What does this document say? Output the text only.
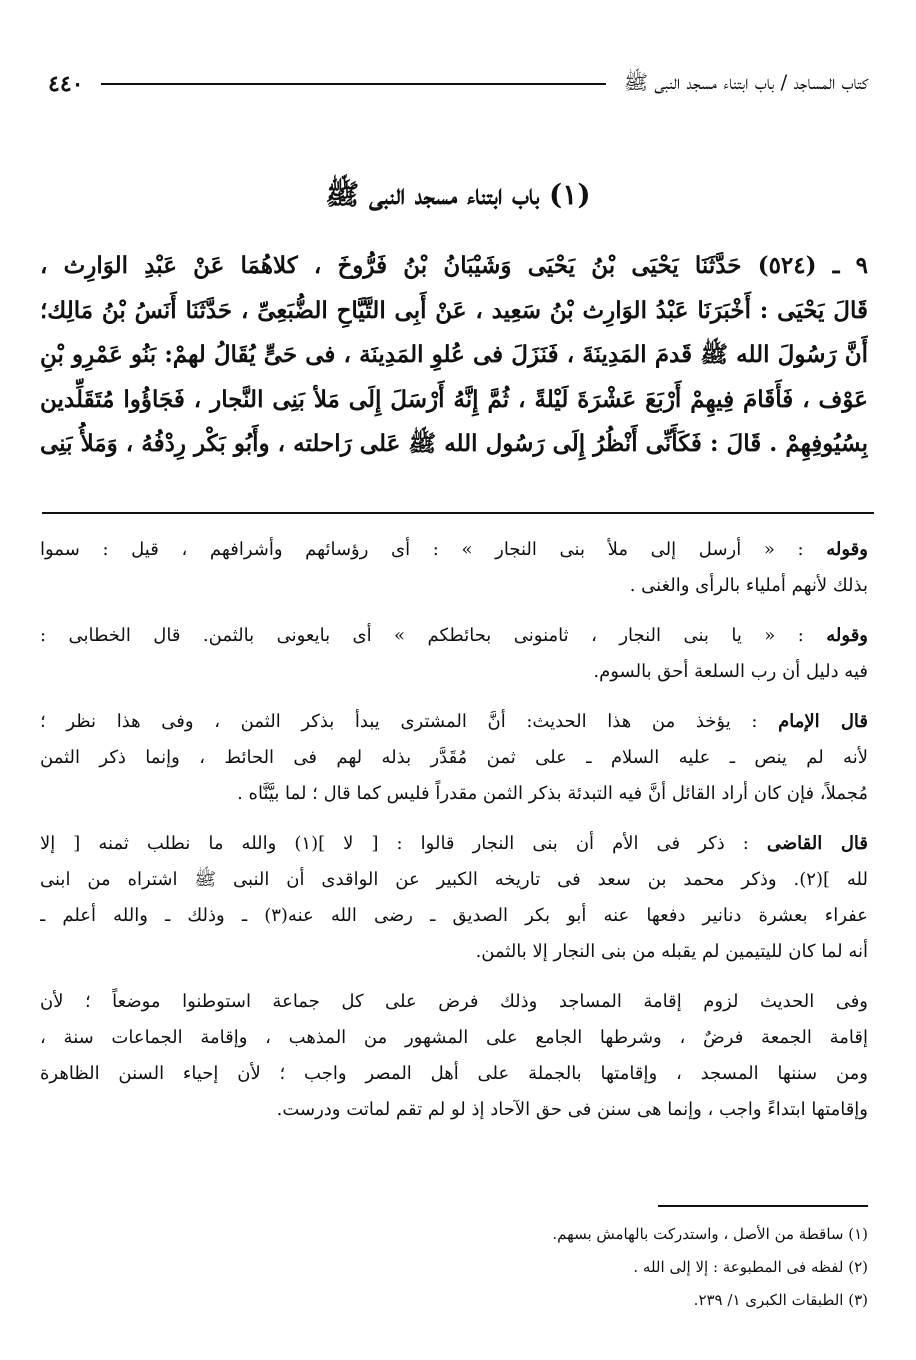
كتاب المساجد / باب ابتناء مسجد النبى ﷺ
٤٤٠
(١) باب ابتناء مسجد النبى ﷺ

٩ ـ (٥٢٤) حَدَّثَنَا يَحْيَى بْنُ يَحْيَى وَشَيْبَانُ بْنُ فَرُّوخَ ، كلاهُمَا عَنْ عَبْدِ الوَارِث ،

قَالَ يَحْيَى : أَخْبَرَنَا عَبْدُ الوَارِث بْنُ سَعِيد ، عَنْ أَبِى التَّيَّاحِ الضُّبَعِىِّ ، حَدَّثَنَا أَنَسُ بْنُ مَالِك؛

أَنَّ رَسُولَ الله ﷺ قَدمَ المَدِينَةَ ، فَنَزَلَ فى عُلوِ المَدِينَة ، فى حَىٍّ يُقَالُ لهمْ: بَنُو عَمْرِو بْنِ

عَوْف ، فَأَقَامَ فِيهِمْ أَرْبَعَ عَشْرَةَ لَيْلةً ، ثُمَّ إِنَّهُ أَرْسَلَ إِلَى مَلأ بَنِى النَّجار ، فَجَاؤُوا مُتَقَلِّدين

بِسُيُوفِهِمْ . قَالَ : فَكَأَنِّى أَنْظُرُ إِلَى رَسُول الله ﷺ عَلى رَاحلته ، وأَبُو بَكْر رِدْفُهُ ، وَمَلأُ بَنِى

وقوله : « أرسل إلى ملأ بنى النجار » : أى رؤسائهم وأشرافهم ، قيل : سموا
بذلك لأنهم أملياء بالرأى والغنى .
وقوله : « يا بنى النجار ، ثامنونى بحائطكم » أى بايعونى بالثمن. قال الخطابى :
فيه دليل أن رب السلعة أحق بالسوم.
قال الإمام : يؤخذ من هذا الحديث: أنَّ المشترى يبدأ بذكر الثمن ، وفى هذا نظر ؛
لأنه لم ينص ـ عليه السلام ـ على ثمن مُقَدَّر بذله لهم فى الحائط ، وإنما ذكر الثمن
مُجملاً، فإن كان أراد القائل أنَّ فيه التبدئة بذكر الثمن مقدراً فليس كما قال ؛ لما بيَّنَّاه .
قال القاضى : ذكر فى الأم أن بنى النجار قالوا : [ لا ](١) والله ما نطلب ثمنه [ إلا
لله ](٢). وذكر محمد بن سعد فى تاريخه الكبير عن الواقدى أن النبى ﷺ اشتراه من ابنى
عفراء بعشرة دنانير دفعها عنه أبو بكر الصديق ـ رضى الله عنه(٣) ـ وذلك ـ والله أعلم ـ
أنه لما كان لليتيمين لم يقبله من بنى النجار إلا بالثمن.
وفى الحديث لزوم إقامة المساجد وذلك فرض على كل جماعة استوطنوا موضعاً ؛ لأن
إقامة الجمعة فرضٌ ، وشرطها الجامع على المشهور من المذهب ، وإقامة الجماعات سنة ،
ومن سننها المسجد ، وإقامتها بالجملة على أهل المصر واجب ؛ لأن إحياء السنن الظاهرة
وإقامتها ابتداءً واجب ، وإنما هى سنن فى حق الآحاد إذ لو لم تقم لماتت ودرست.
(١) ساقطة من الأصل ، واستدركت بالهامش بسهم.
(٢) لفظه فى المطبوعة : إلا إلى الله .
(٣) الطبقات الكبرى ١/ ٢٣٩.
